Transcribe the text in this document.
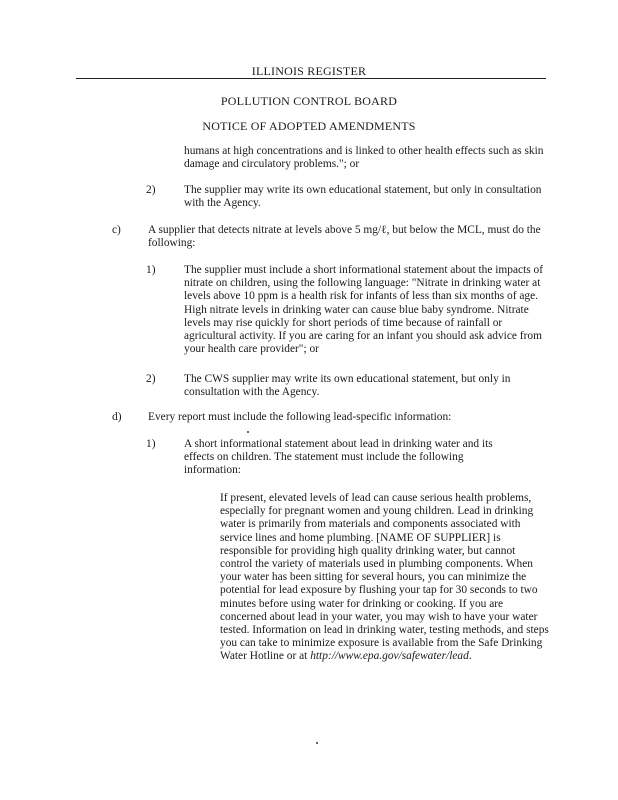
ILLINOIS REGISTER
POLLUTION CONTROL BOARD
NOTICE OF ADOPTED AMENDMENTS

humans at high concentrations and is linked to other health effects such as skin damage and circulatory problems."; or

2)	The supplier may write its own educational statement, but only in consultation with the Agency.

c) A supplier that detects nitrate at levels above 5 mg/ℓ, but below the MCL, must do the following:

1)	The supplier must include a short informational statement about the impacts of nitrate on children, using the following language: "Nitrate in drinking water at levels above 10 ppm is a health risk for infants of less than six months of age. High nitrate levels in drinking water can cause blue baby syndrome. Nitrate levels may rise quickly for short periods of time because of rainfall or agricultural activity. If you are caring for an infant you should ask advice from your health care provider"; or

2)	The CWS supplier may write its own educational statement, but only in consultation with the Agency.

d) Every report must include the following lead-specific information:

1)	A short informational statement about lead in drinking water and its effects on children. The statement must include the following information:

If present, elevated levels of lead can cause serious health problems, especially for pregnant women and young children. Lead in drinking water is primarily from materials and components associated with service lines and home plumbing. [NAME OF SUPPLIER] is responsible for providing high quality drinking water, but cannot control the variety of materials used in plumbing components. When your water has been sitting for several hours, you can minimize the potential for lead exposure by flushing your tap for 30 seconds to two minutes before using water for drinking or cooking. If you are concerned about lead in your water, you may wish to have your water tested. Information on lead in drinking water, testing methods, and steps you can take to minimize exposure is available from the Safe Drinking Water Hotline or at http://www.epa.gov/safewater/lead.
